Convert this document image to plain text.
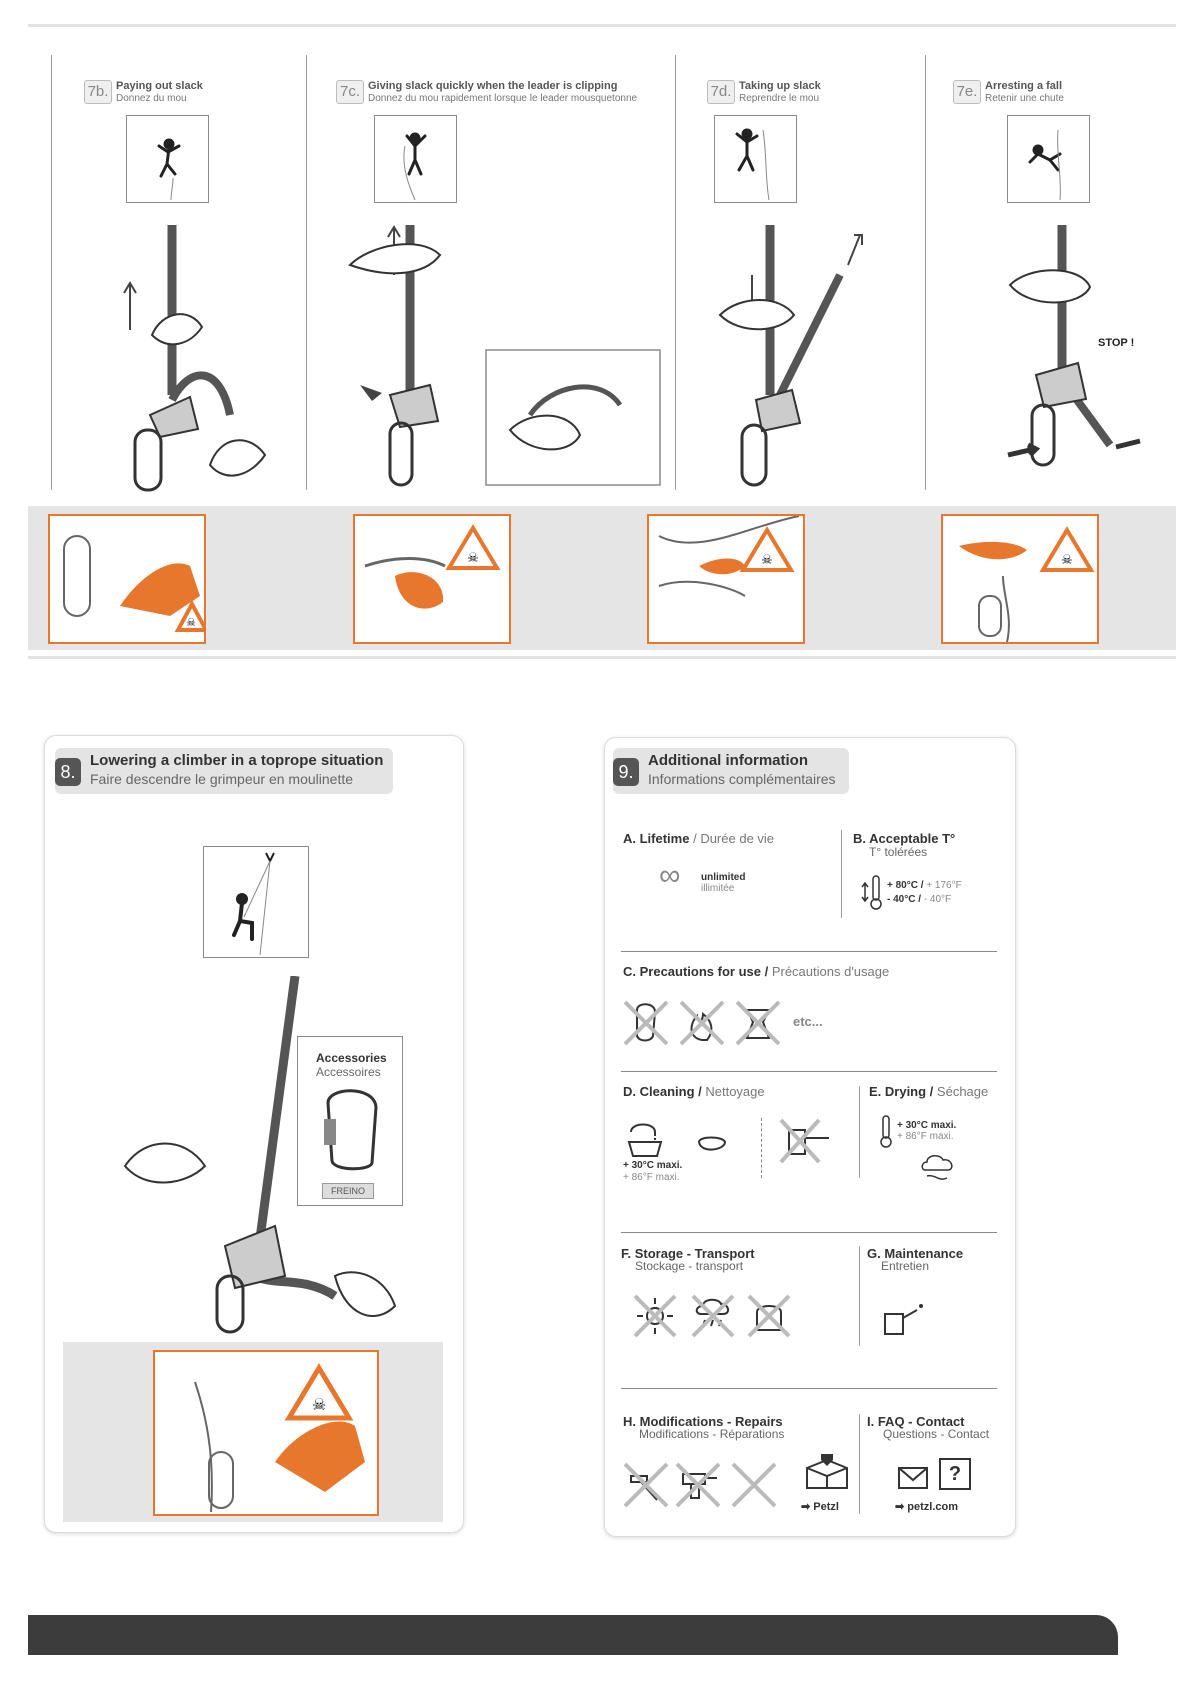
7b. Paying out slack
Donnez du mou	7c. Giving slack quickly when the leader is clipping
Donnez du mou rapidement lorsque le leader mousquetonne	7d. Taking up slack
Reprendre le mou	7e. Arresting a fall
Retenir une chute
STOP !
☠
☠	☠	☠
8.
Lowering a climber in a toprope situation
Faire descendre le grimpeur en moulinette
Accessories
Accessoires
FREINO
☠
9.
Additional information
Informations complémentaires
A. Lifetime / Durée de vie
∞ unlimited
illimitée
B. Acceptable T°
T° tolérées
+ 80°C / + 176°F
- 40°C / - 40°F
C. Precautions for use / Précautions d'usage
etc...
D. Cleaning / Nettoyage
+ 30°C maxi.
+ 86°F maxi.
E. Drying / Séchage
+ 30°C maxi.
+ 86°F maxi.
F. Storage - Transport
Stockage - transport
G. Maintenance
Entretien
H. Modifications - Repairs
Modifications - Réparations
➡ Petzl
I. FAQ - Contact
Questions - Contact
?
➡ petzl.com
